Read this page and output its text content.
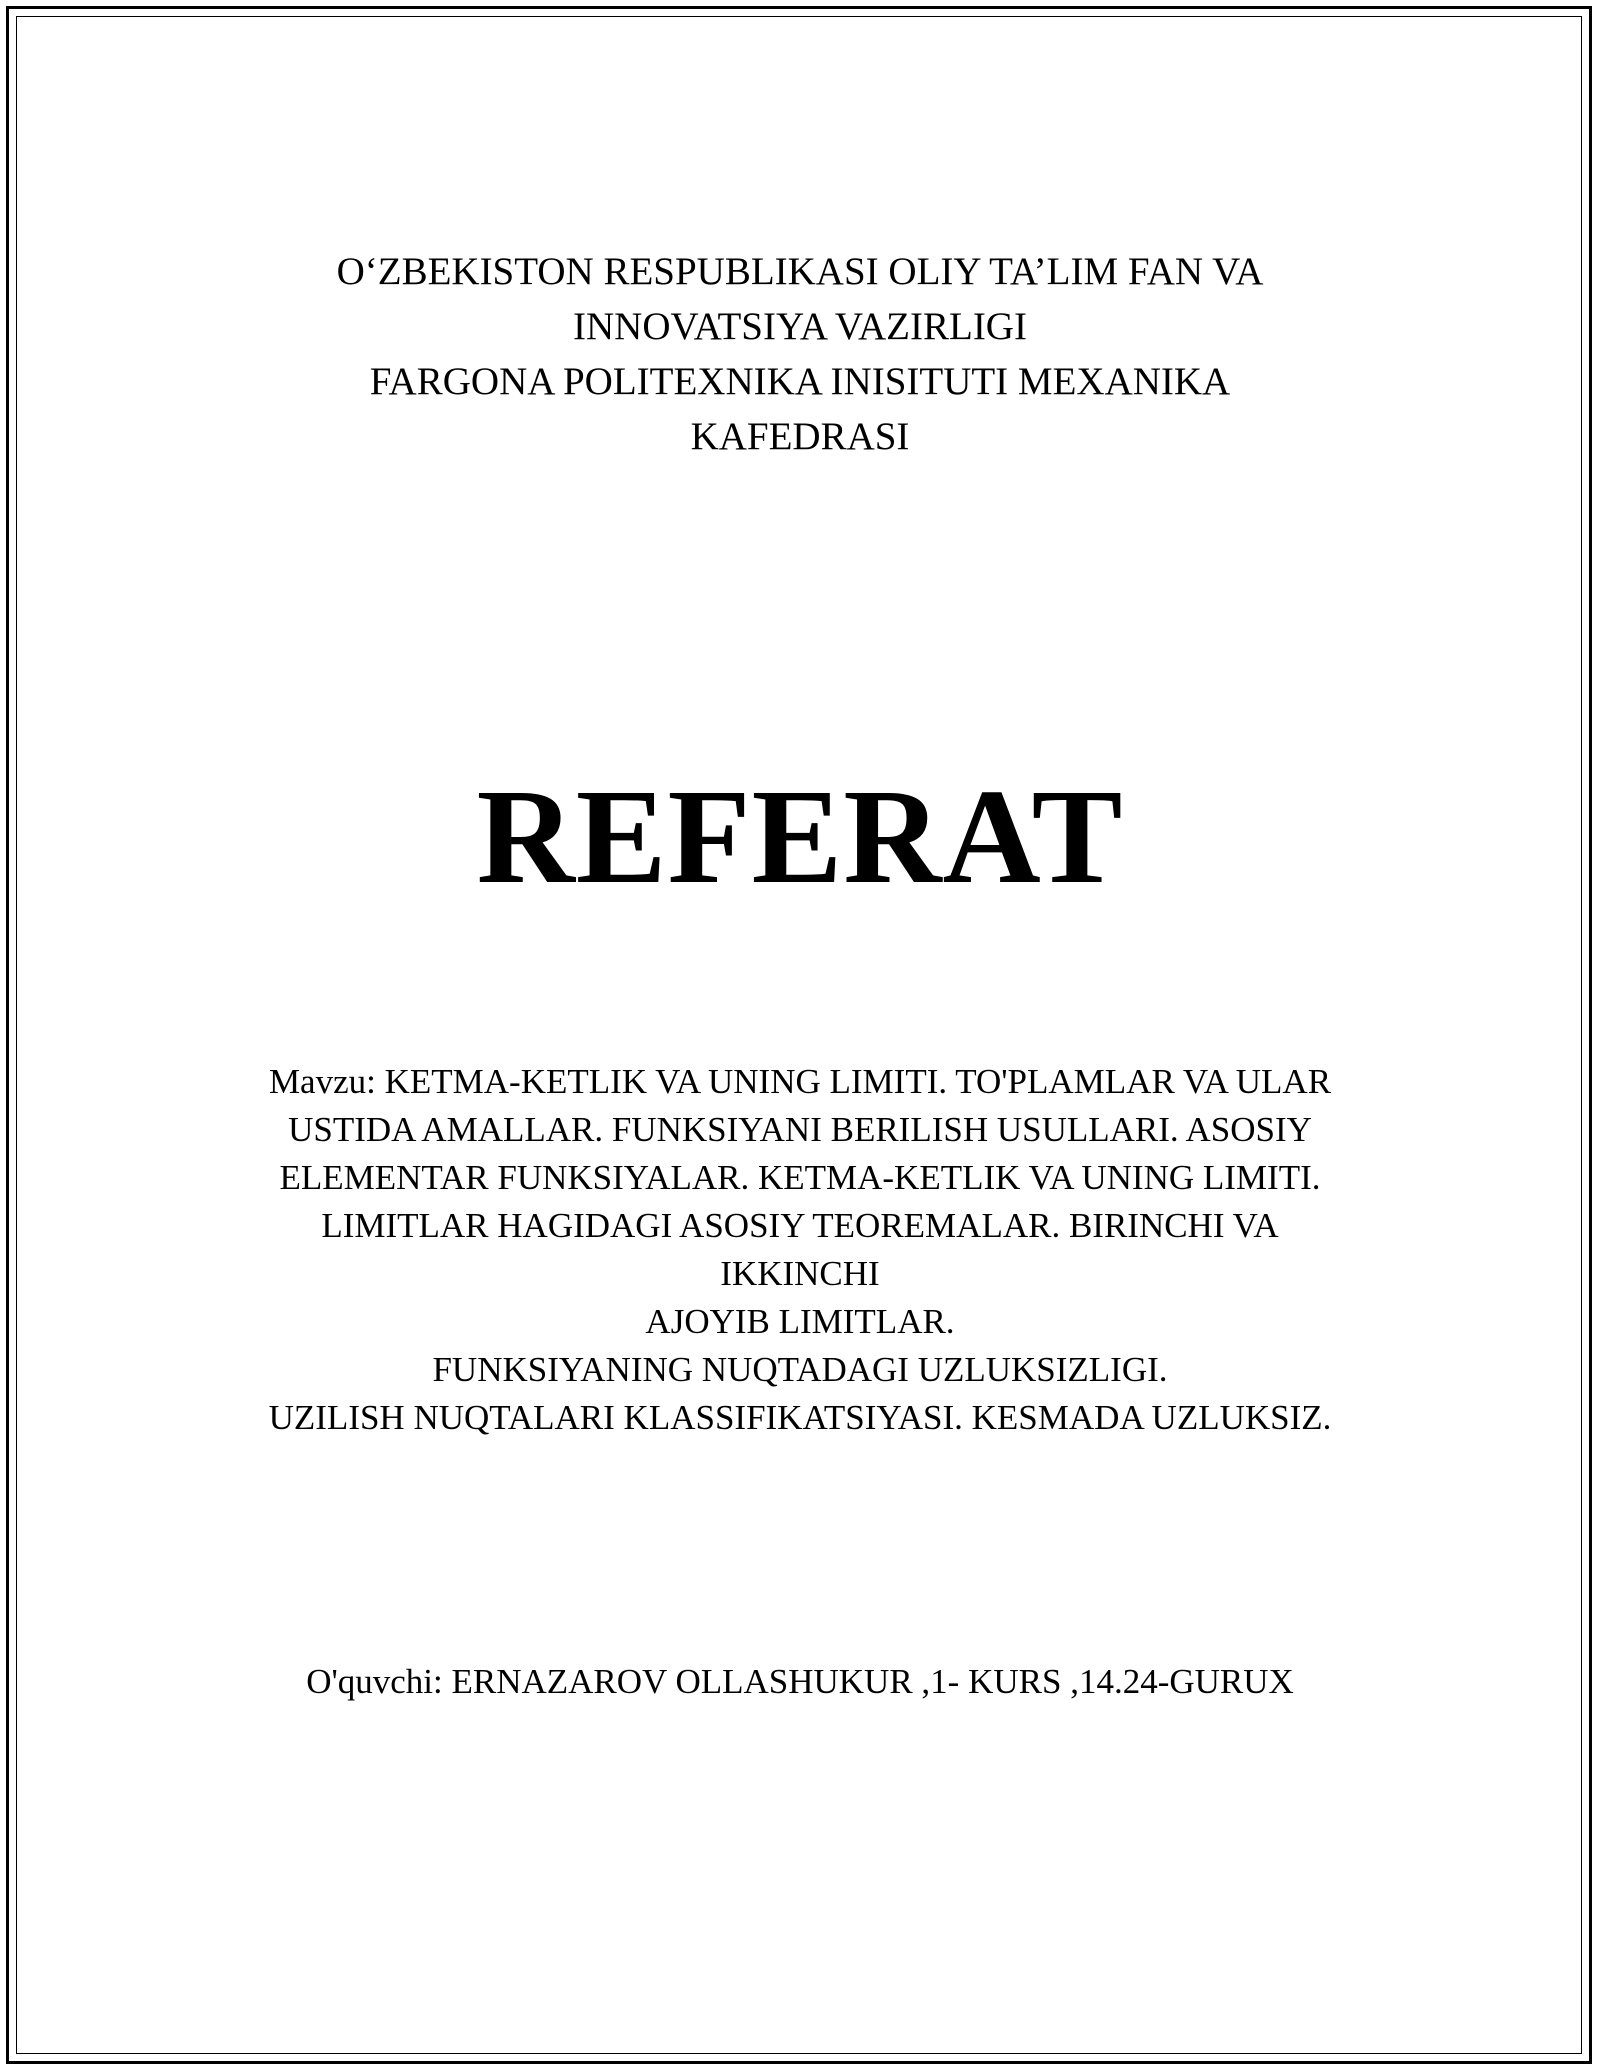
O‘ZBEKISTON RESPUBLIKASI OLIY TA’LIM FAN VA
INNOVATSIYA VAZIRLIGI
FARGONA POLITEXNIKA INISITUTI MEXANIKA
KAFEDRASI
REFERAT
Mavzu: KETMA-KETLIK VA UNING LIMITI. TO'PLAMLAR VA ULAR
USTIDA AMALLAR. FUNKSIYANI BERILISH USULLARI. ASOSIY
ELEMENTAR FUNKSIYALAR. KETMA-KETLIK VA UNING LIMITI.
LIMITLAR HAGIDAGI ASOSIY TEOREMALAR. BIRINCHI VA
IKKINCHI
AJOYIB LIMITLAR.
FUNKSIYANING NUQTADAGI UZLUKSIZLIGI.
UZILISH NUQTALARI KLASSIFIKATSIYASI. KESMADA UZLUKSIZ.
O'quvchi: ERNAZAROV OLLASHUKUR ,1- KURS ,14.24-GURUX
